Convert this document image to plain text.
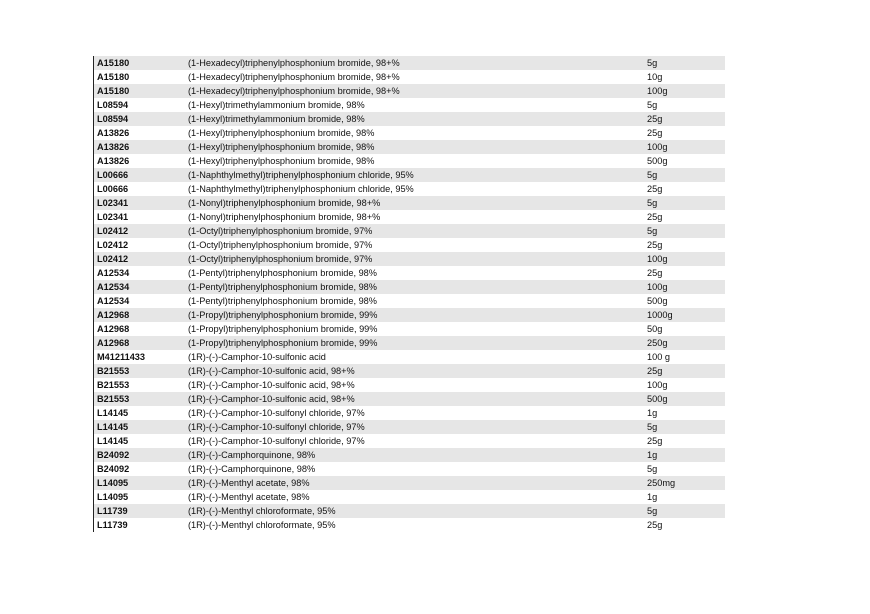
A15180	(1-Hexadecyl)triphenylphosphonium bromide, 98+%	5g
A15180	(1-Hexadecyl)triphenylphosphonium bromide, 98+%	10g
A15180	(1-Hexadecyl)triphenylphosphonium bromide, 98+%	100g
L08594	(1-Hexyl)trimethylammonium bromide, 98%	5g
L08594	(1-Hexyl)trimethylammonium bromide, 98%	25g
A13826	(1-Hexyl)triphenylphosphonium bromide, 98%	25g
A13826	(1-Hexyl)triphenylphosphonium bromide, 98%	100g
A13826	(1-Hexyl)triphenylphosphonium bromide, 98%	500g
L00666	(1-Naphthylmethyl)triphenylphosphonium chloride, 95%	5g
L00666	(1-Naphthylmethyl)triphenylphosphonium chloride, 95%	25g
L02341	(1-Nonyl)triphenylphosphonium bromide, 98+%	5g
L02341	(1-Nonyl)triphenylphosphonium bromide, 98+%	25g
L02412	(1-Octyl)triphenylphosphonium bromide, 97%	5g
L02412	(1-Octyl)triphenylphosphonium bromide, 97%	25g
L02412	(1-Octyl)triphenylphosphonium bromide, 97%	100g
A12534	(1-Pentyl)triphenylphosphonium bromide, 98%	25g
A12534	(1-Pentyl)triphenylphosphonium bromide, 98%	100g
A12534	(1-Pentyl)triphenylphosphonium bromide, 98%	500g
A12968	(1-Propyl)triphenylphosphonium bromide, 99%	1000g
A12968	(1-Propyl)triphenylphosphonium bromide, 99%	50g
A12968	(1-Propyl)triphenylphosphonium bromide, 99%	250g
M41211433	(1R)-(-)-Camphor-10-sulfonic acid	100 g
B21553	(1R)-(-)-Camphor-10-sulfonic acid, 98+%	25g
B21553	(1R)-(-)-Camphor-10-sulfonic acid, 98+%	100g
B21553	(1R)-(-)-Camphor-10-sulfonic acid, 98+%	500g
L14145	(1R)-(-)-Camphor-10-sulfonyl chloride, 97%	1g
L14145	(1R)-(-)-Camphor-10-sulfonyl chloride, 97%	5g
L14145	(1R)-(-)-Camphor-10-sulfonyl chloride, 97%	25g
B24092	(1R)-(-)-Camphorquinone, 98%	1g
B24092	(1R)-(-)-Camphorquinone, 98%	5g
L14095	(1R)-(-)-Menthyl acetate, 98%	250mg
L14095	(1R)-(-)-Menthyl acetate, 98%	1g
L11739	(1R)-(-)-Menthyl chloroformate, 95%	5g
L11739	(1R)-(-)-Menthyl chloroformate, 95%	25g
